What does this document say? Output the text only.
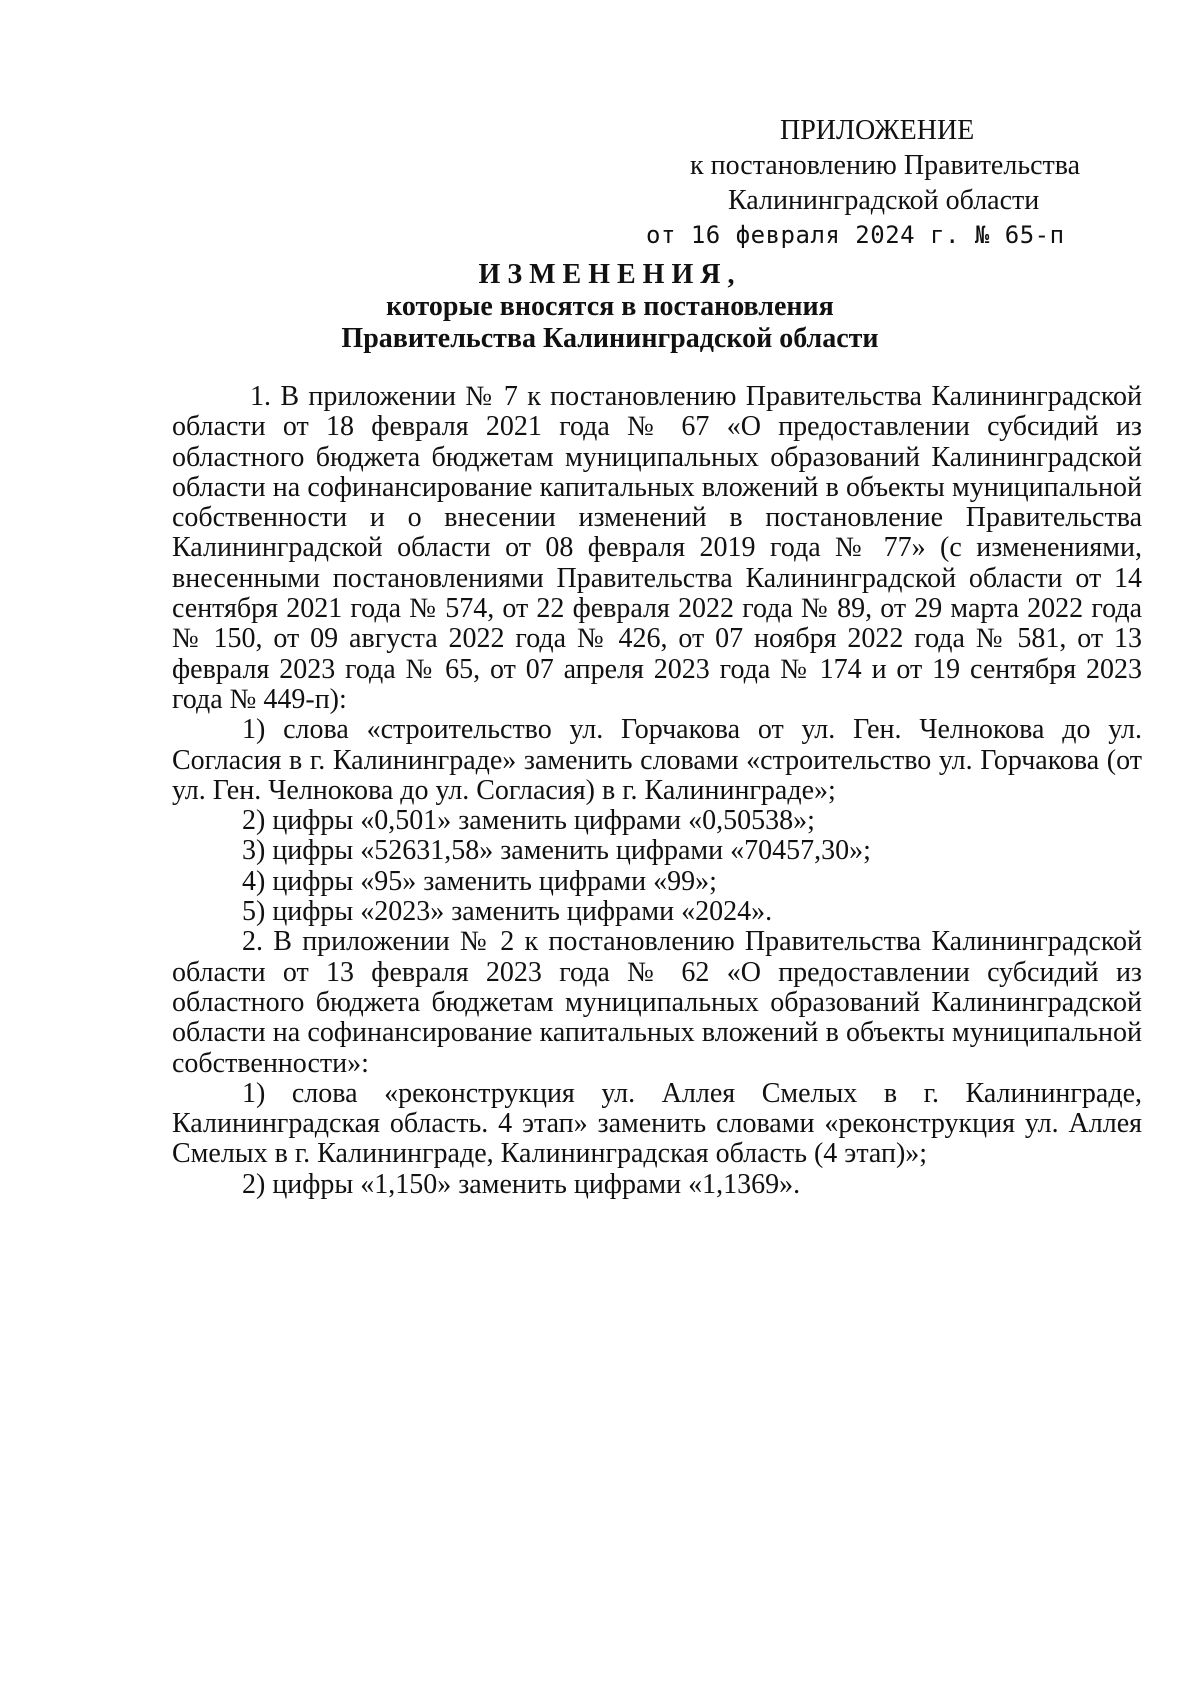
ПРИЛОЖЕНИЕ
к постановлению Правительства
Калининградской области
от 16 февраля 2024 г. № 65-п
ИЗМЕНЕНИЯ,
которые вносятся в постановления
Правительства Калининградской области

1. В приложении № 7 к постановлению Правительства Калининградской области от 18 февраля 2021 года № 67 «О предоставлении субсидий из областного бюджета бюджетам муниципальных образований Калининградской области на софинансирование капитальных вложений в объекты муниципальной собственности и о внесении изменений в постановление Правительства Калининградской области от 08 февраля 2019 года № 77» (с изменениями, внесенными постановлениями Правительства Калининградской области от 14 сентября 2021 года № 574, от 22 февраля 2022 года № 89, от 29 марта 2022 года № 150, от 09 августа 2022 года № 426, от 07 ноября 2022 года № 581, от 13 февраля 2023 года № 65, от 07 апреля 2023 года № 174 и от 19 сентября 2023 года № 449-п):

1) слова «строительство ул. Горчакова от ул. Ген. Челнокова до ул. Согласия в г. Калининграде» заменить словами «строительство ул. Горчакова (от ул. Ген. Челнокова до ул. Согласия) в г. Калининграде»;

2) цифры «0,501» заменить цифрами «0,50538»;

3) цифры «52631,58» заменить цифрами «70457,30»;

4) цифры «95» заменить цифрами «99»;

5) цифры «2023» заменить цифрами «2024».

2. В приложении № 2 к постановлению Правительства Калининградской области от 13 февраля 2023 года № 62 «О предоставлении субсидий из областного бюджета бюджетам муниципальных образований Калининградской области на софинансирование капитальных вложений в объекты муниципальной собственности»:

1) слова «реконструкция ул. Аллея Смелых в г. Калининграде, Калининградская область. 4 этап» заменить словами «реконструкция ул. Аллея Смелых в г. Калининграде, Калининградская область (4 этап)»;

2) цифры «1,150» заменить цифрами «1,1369».
